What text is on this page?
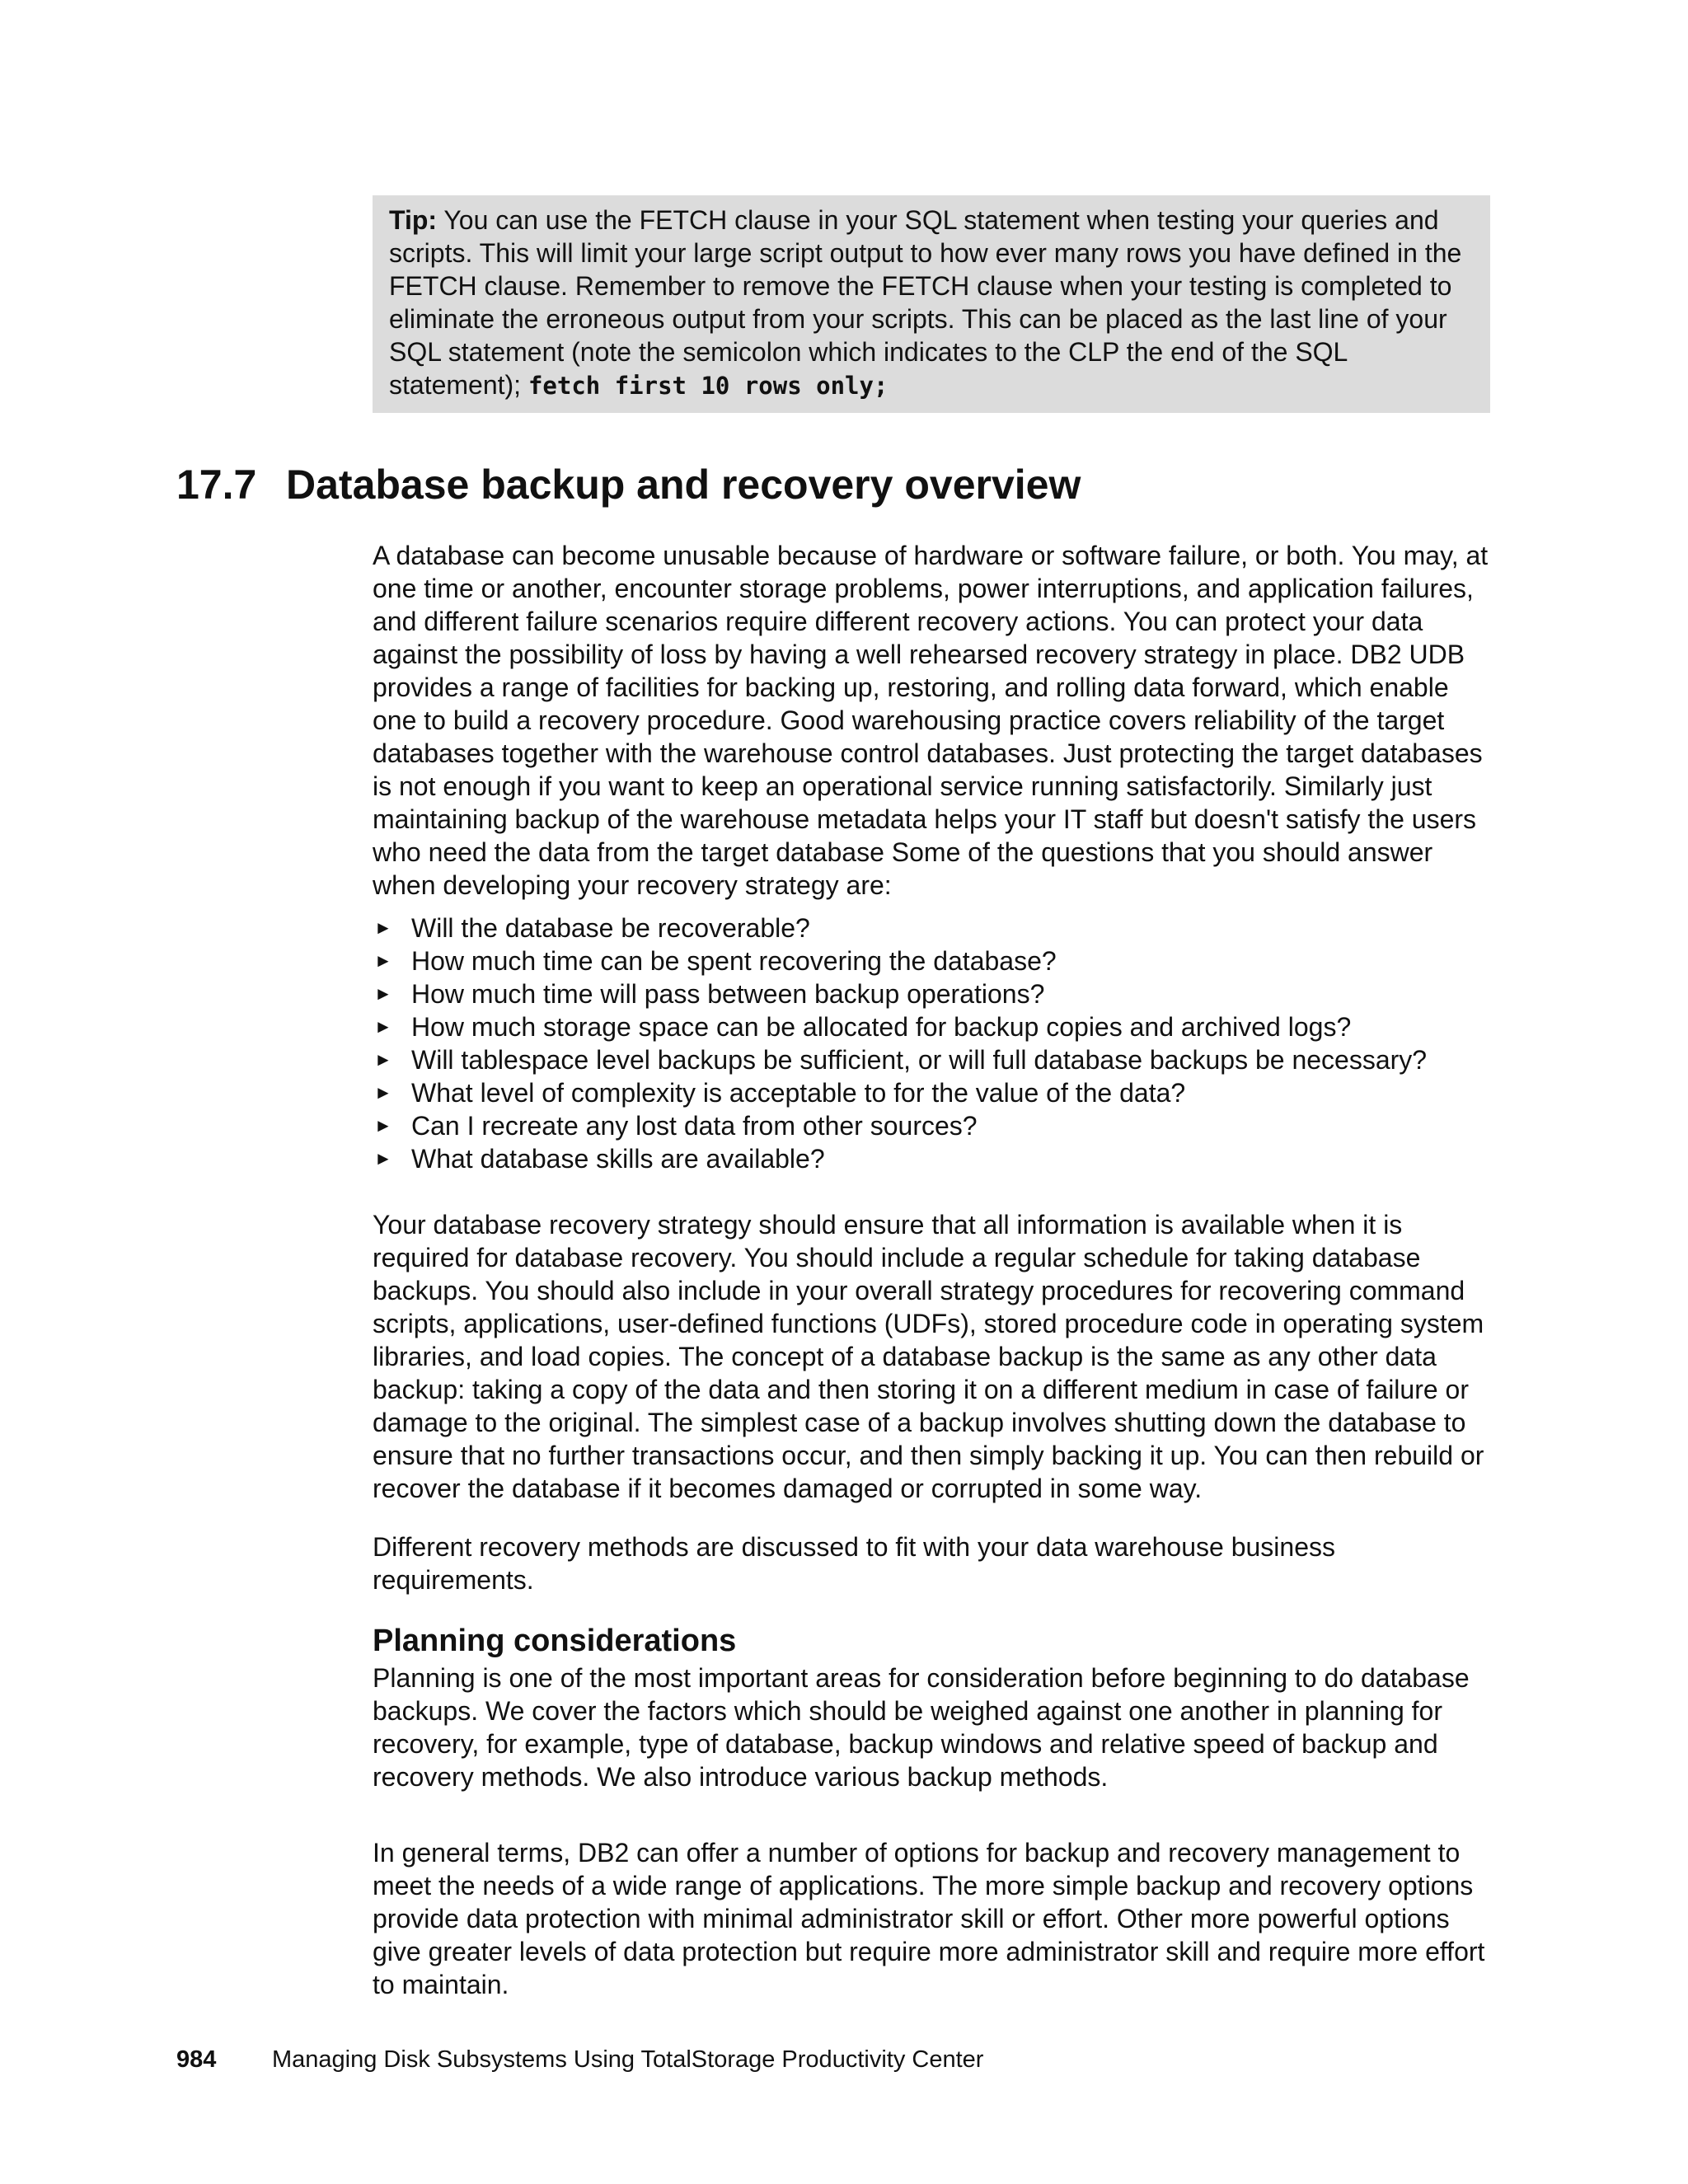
Tip: You can use the FETCH clause in your SQL statement when testing your queries and scripts. This will limit your large script output to how ever many rows you have defined in the FETCH clause. Remember to remove the FETCH clause when your testing is completed to eliminate the erroneous output from your scripts. This can be placed as the last line of your SQL statement (note the semicolon which indicates to the CLP the end of the SQL statement); fetch first 10 rows only;
17.7 Database backup and recovery overview

A database can become unusable because of hardware or software failure, or both. You may, at one time or another, encounter storage problems, power interruptions, and application failures, and different failure scenarios require different recovery actions. You can protect your data against the possibility of loss by having a well rehearsed recovery strategy in place. DB2 UDB provides a range of facilities for backing up, restoring, and rolling data forward, which enable one to build a recovery procedure. Good warehousing practice covers reliability of the target databases together with the warehouse control databases. Just protecting the target databases is not enough if you want to keep an operational service running satisfactorily. Similarly just maintaining backup of the warehouse metadata helps your IT staff but doesn't satisfy the users who need the data from the target database Some of the questions that you should answer when developing your recovery strategy are:

► Will the database be recoverable?
► How much time can be spent recovering the database?
► How much time will pass between backup operations?
► How much storage space can be allocated for backup copies and archived logs?
► Will tablespace level backups be sufficient, or will full database backups be necessary?
► What level of complexity is acceptable to for the value of the data?
► Can I recreate any lost data from other sources?
► What database skills are available?

Your database recovery strategy should ensure that all information is available when it is required for database recovery. You should include a regular schedule for taking database backups. You should also include in your overall strategy procedures for recovering command scripts, applications, user-defined functions (UDFs), stored procedure code in operating system libraries, and load copies. The concept of a database backup is the same as any other data backup: taking a copy of the data and then storing it on a different medium in case of failure or damage to the original. The simplest case of a backup involves shutting down the database to ensure that no further transactions occur, and then simply backing it up. You can then rebuild or recover the database if it becomes damaged or corrupted in some way.

Different recovery methods are discussed to fit with your data warehouse business requirements.

Planning considerations

Planning is one of the most important areas for consideration before beginning to do database backups. We cover the factors which should be weighed against one another in planning for recovery, for example, type of database, backup windows and relative speed of backup and recovery methods. We also introduce various backup methods.

In general terms, DB2 can offer a number of options for backup and recovery management to meet the needs of a wide range of applications. The more simple backup and recovery options provide data protection with minimal administrator skill or effort. Other more powerful options give greater levels of data protection but require more administrator skill and require more effort to maintain.

984 Managing Disk Subsystems Using TotalStorage Productivity Center
